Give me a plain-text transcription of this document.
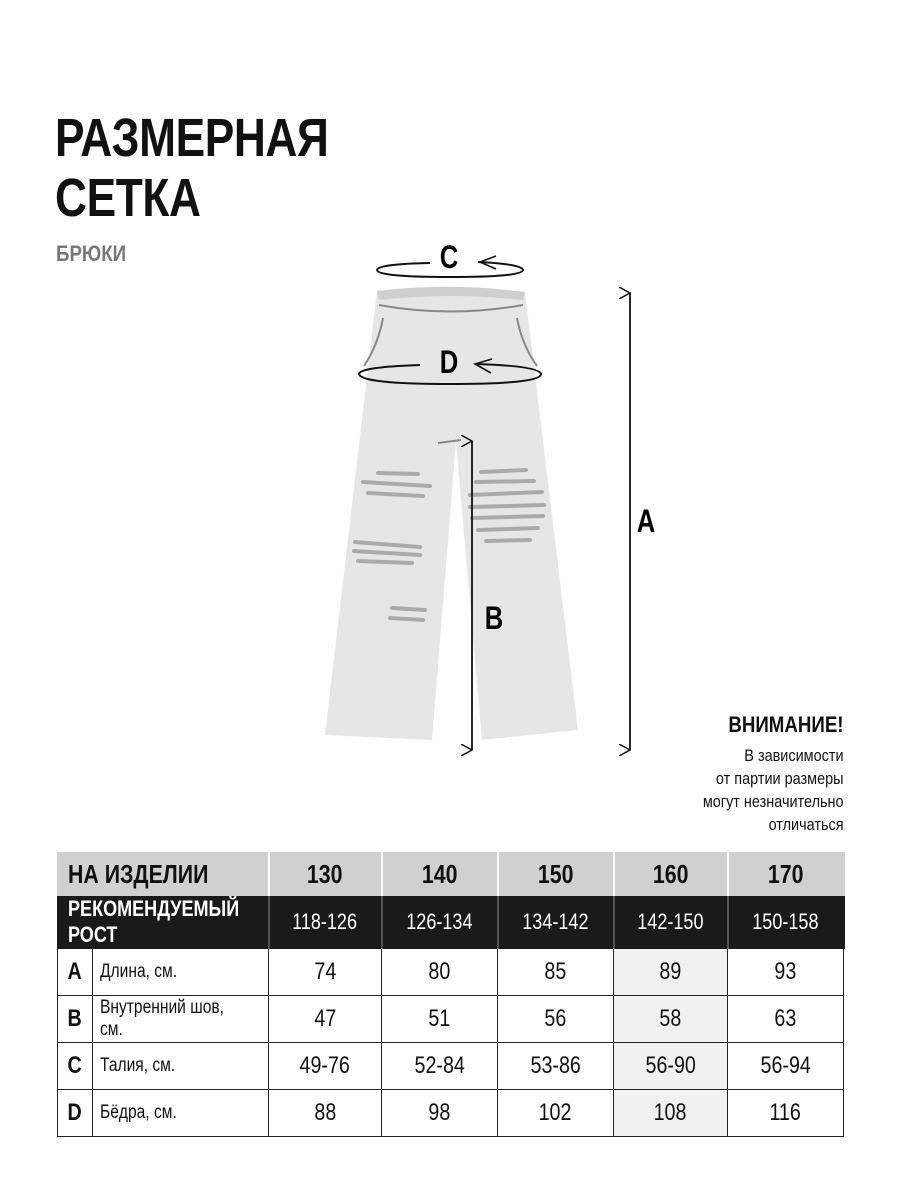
РАЗМЕРНАЯ
СЕТКА
БРЮКИ	C
D
A
B
ВНИМАНИЕ!
В зависимости
от партии размеры
могут незначительно
отличаться
НА ИЗДЕЛИИ		130	140	150	160	170
РЕКОМЕНДУЕМЫЙ РОСТ		118-126	126-134	134-142	142-150	150-158
A	Длина, см.	74	80	85	89	93
B	Внутренний шов, см.	47	51	56	58	63
C	Талия, см.	49-76	52-84	53-86	56-90	56-94
D	Бёдра, см.	88	98	102	108	116
